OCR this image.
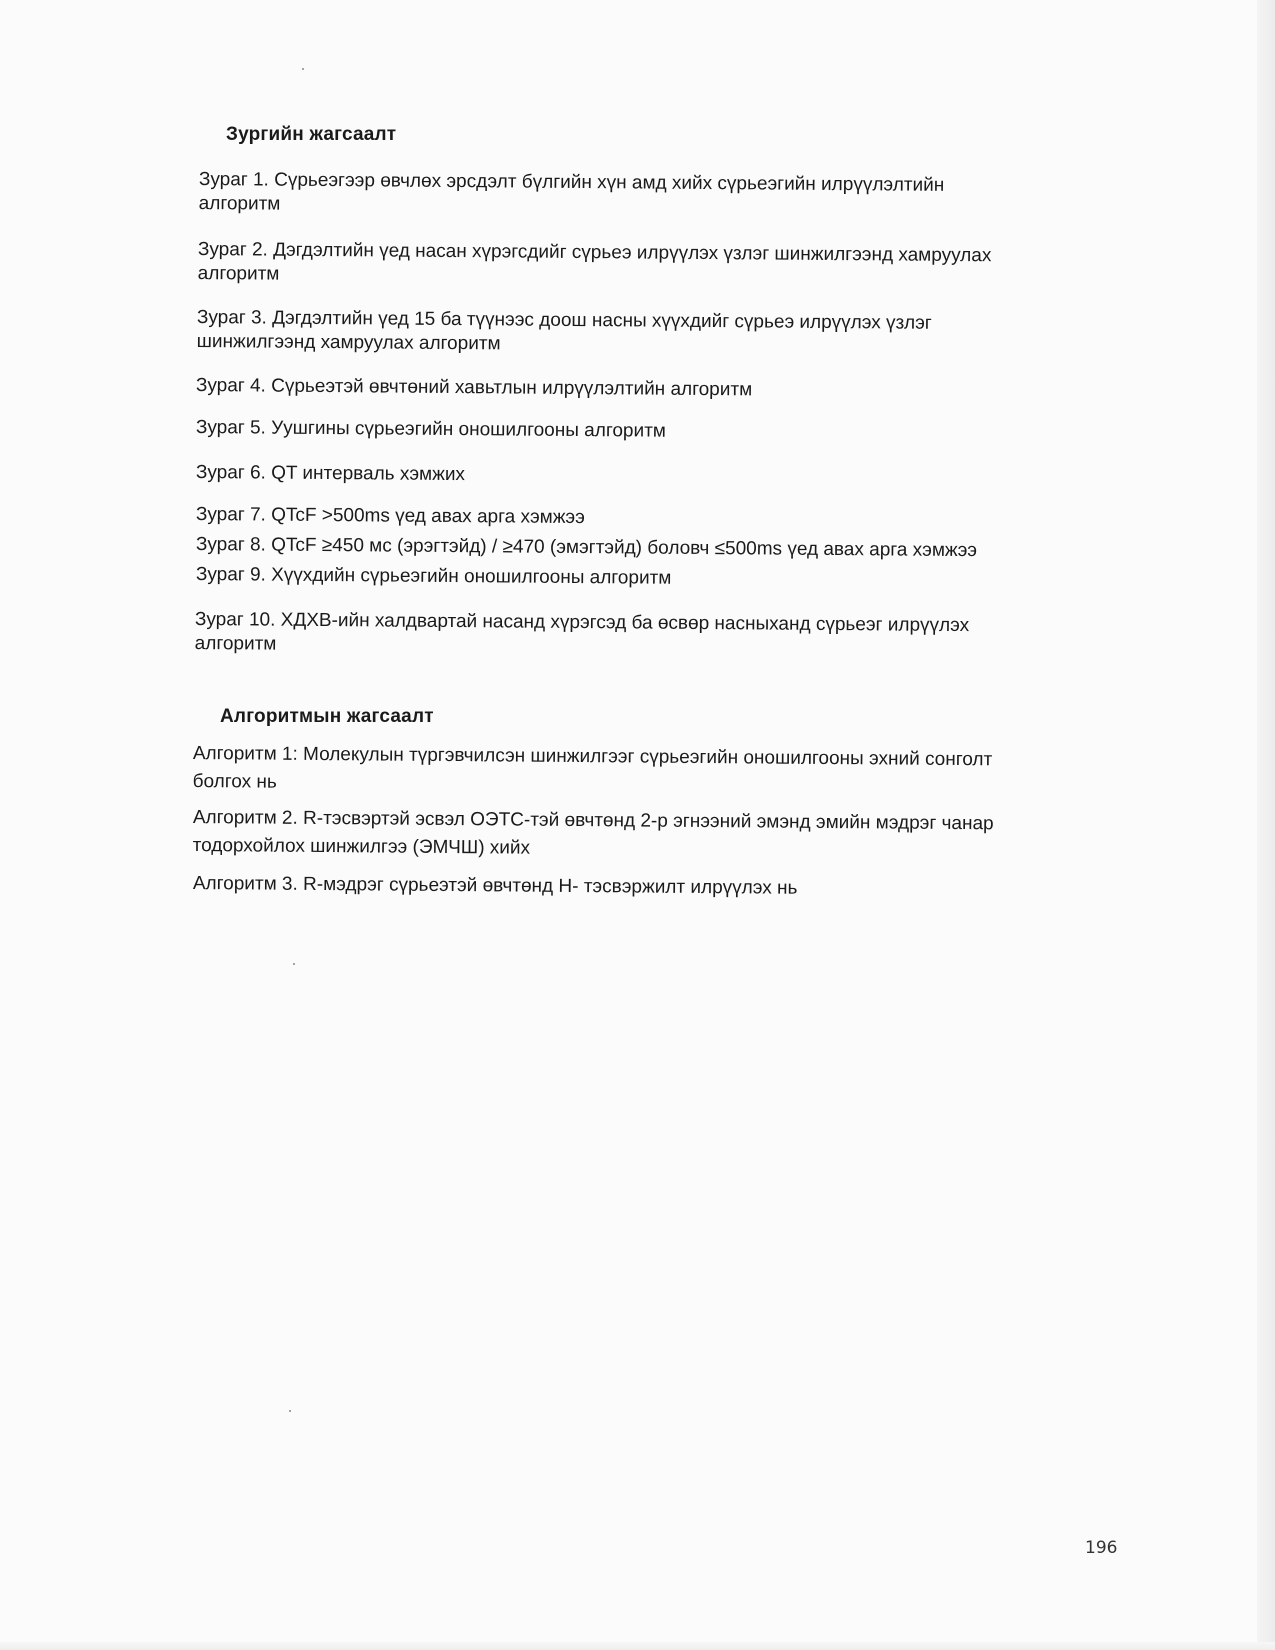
Зургийн жагсаалт
Зураг 1. Сүрьеэгээр өвчлөх эрсдэлт бүлгийн хүн амд хийх сүрьеэгийн илрүүлэлтийн
алгоритм
Зураг 2. Дэгдэлтийн үед насан хүрэгсдийг сүрьеэ илрүүлэх үзлэг шинжилгээнд хамруулах
алгоритм
Зураг 3. Дэгдэлтийн үед 15 ба түүнээс доош насны хүүхдийг сүрьеэ илрүүлэх үзлэг
шинжилгээнд хамруулах алгоритм
Зураг 4. Сүрьеэтэй өвчтөний хавьтлын илрүүлэлтийн алгоритм
Зураг 5. Уушгины сүрьеэгийн оношилгооны алгоритм
Зураг 6. QT интерваль хэмжих
Зураг 7. QTcF >500ms үед авах арга хэмжээ
Зураг 8. QTcF ≥450 мс (эрэгтэйд) / ≥470 (эмэгтэйд) боловч ≤500ms үед авах арга хэмжээ
Зураг 9. Хүүхдийн сүрьеэгийн оношилгооны алгоритм
Зураг 10. ХДХВ-ийн халдвартай насанд хүрэгсэд ба өсвөр насныханд сүрьеэг илрүүлэх
алгоритм
Алгоритмын жагсаалт
Алгоритм 1: Молекулын түргэвчилсэн шинжилгээг сүрьеэгийн оношилгооны эхний сонголт
болгох нь
Алгоритм 2. R-тэсвэртэй эсвэл ОЭТС-тэй өвчтөнд 2-р эгнээний эмэнд эмийн мэдрэг чанар
тодорхойлох шинжилгээ (ЭМЧШ) хийх
Алгоритм 3. R-мэдрэг сүрьеэтэй өвчтөнд H- тэсвэржилт илрүүлэх нь
196
